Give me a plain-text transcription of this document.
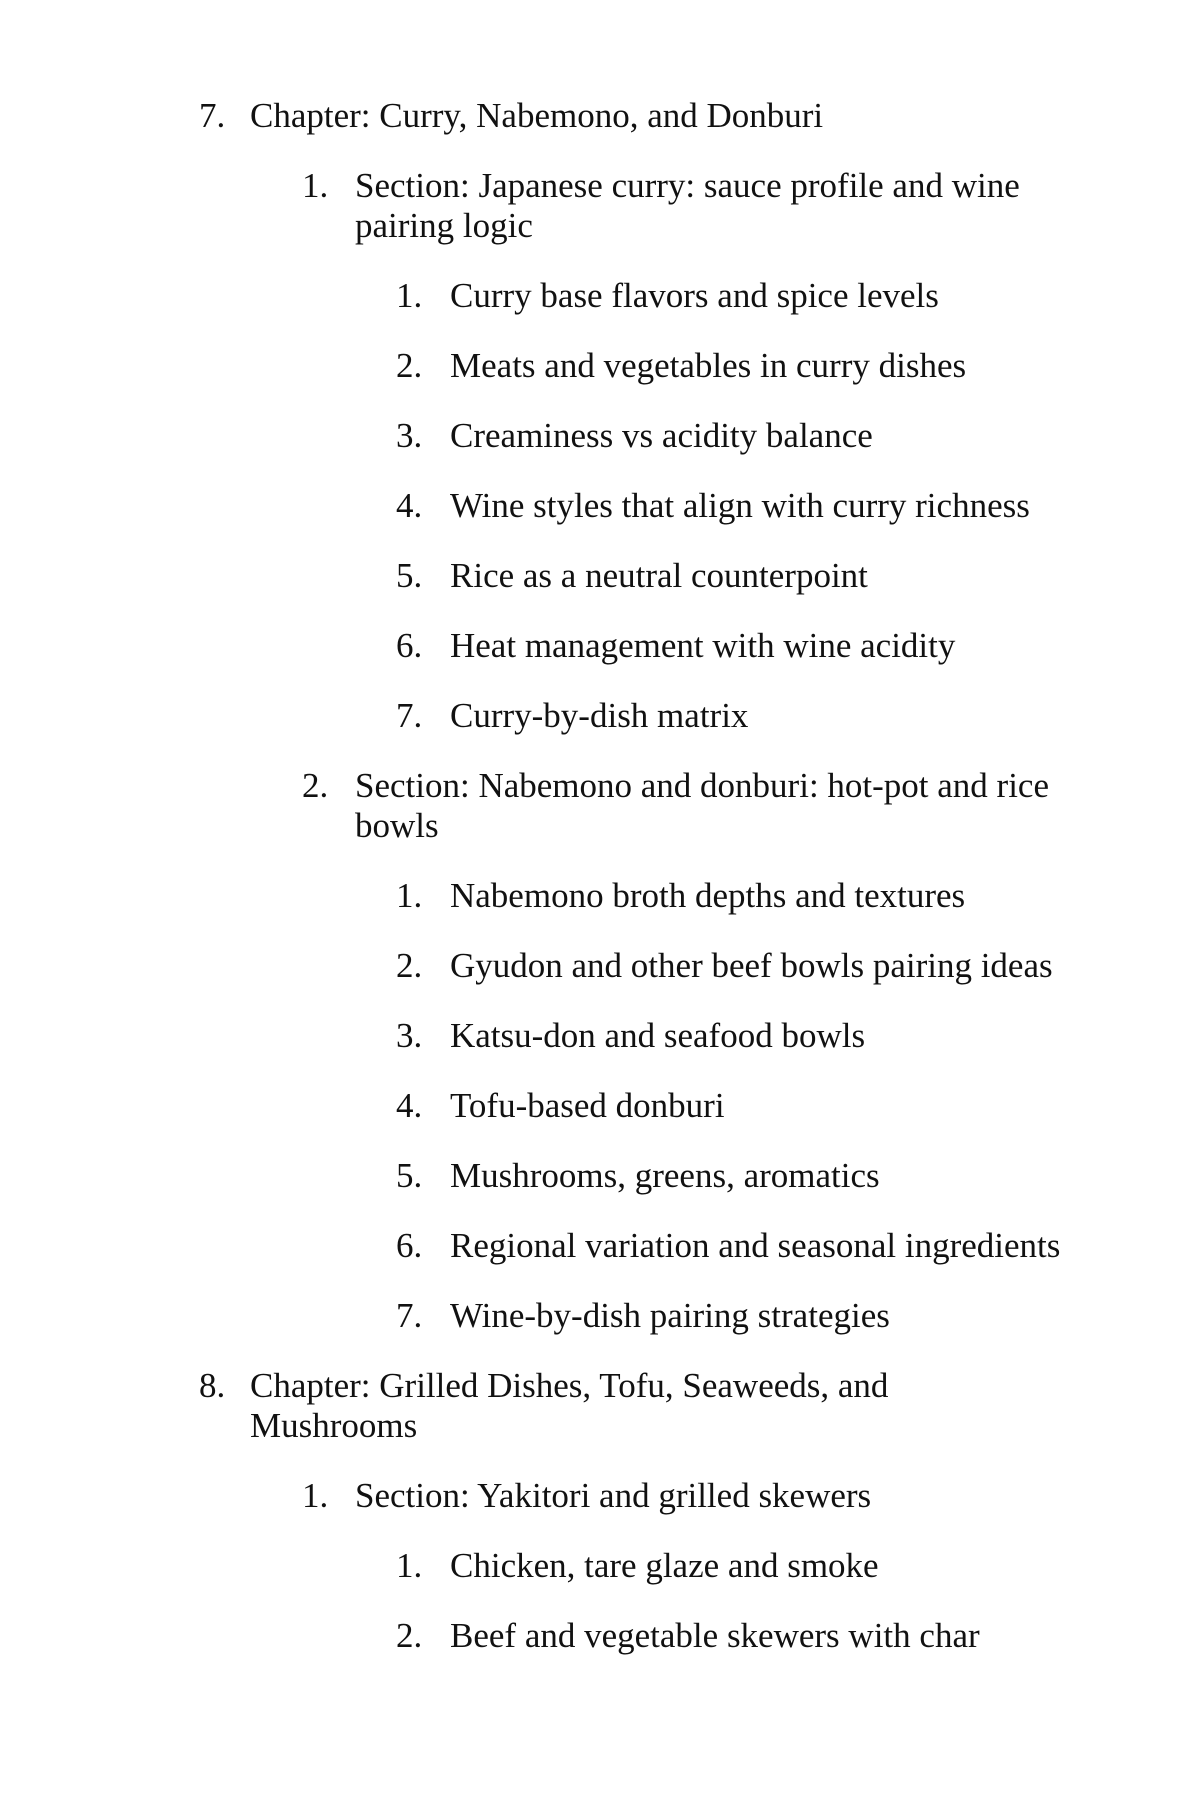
7. Chapter: Curry, Nabemono, and Donburi
1. Section: Japanese curry: sauce profile and wine pairing logic
1. Curry base flavors and spice levels
2. Meats and vegetables in curry dishes
3. Creaminess vs acidity balance
4. Wine styles that align with curry richness
5. Rice as a neutral counterpoint
6. Heat management with wine acidity
7. Curry-by-dish matrix
2. Section: Nabemono and donburi: hot-pot and rice bowls
1. Nabemono broth depths and textures
2. Gyudon and other beef bowls pairing ideas
3. Katsu-don and seafood bowls
4. Tofu-based donburi
5. Mushrooms, greens, aromatics
6. Regional variation and seasonal ingredients
7. Wine-by-dish pairing strategies
8. Chapter: Grilled Dishes, Tofu, Seaweeds, and Mushrooms
1. Section: Yakitori and grilled skewers
1. Chicken, tare glaze and smoke
2. Beef and vegetable skewers with char
